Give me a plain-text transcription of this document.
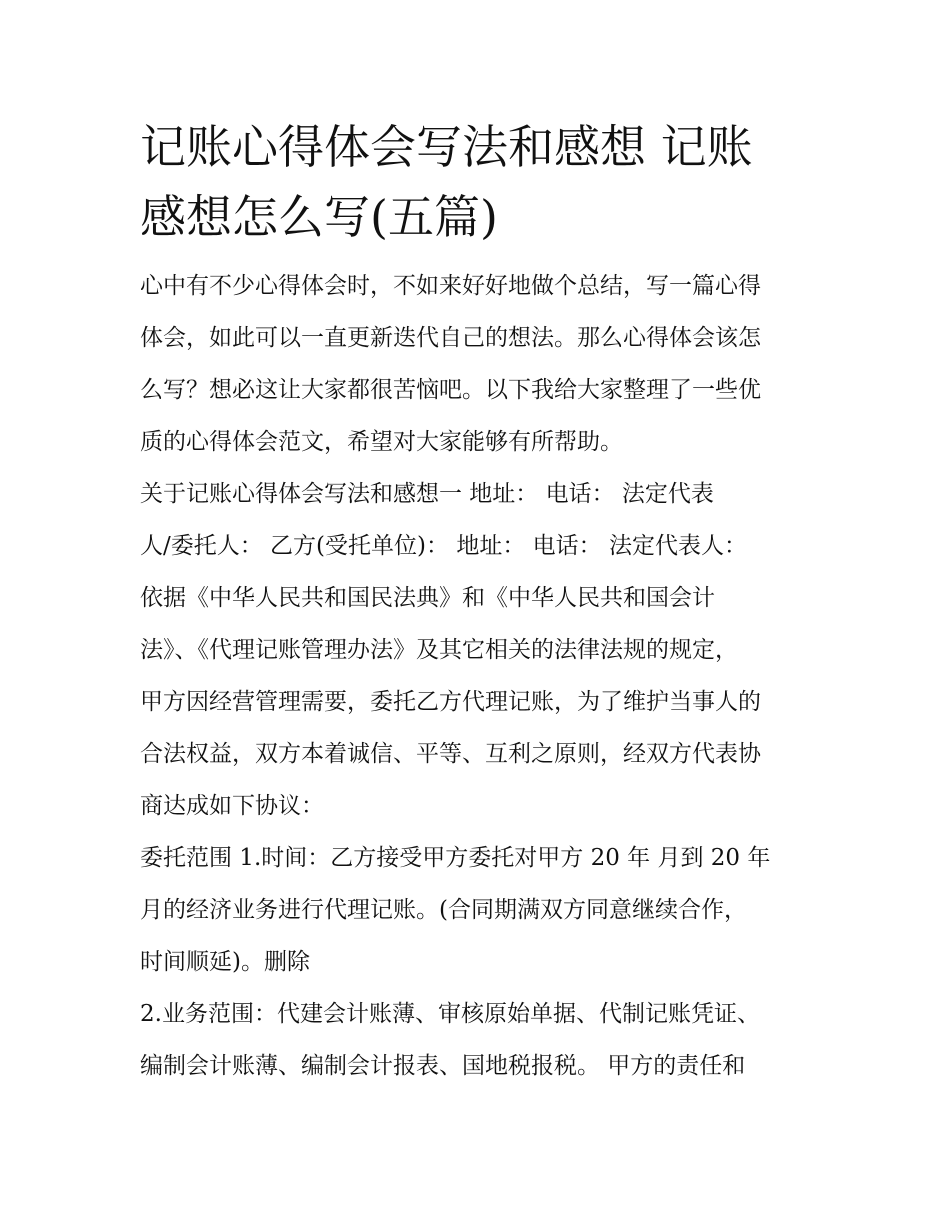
记账心得体会写法和感想 记账
感想怎么写(五篇)

心中有不少心得体会时，不如来好好地做个总结，写一篇心得
体会，如此可以一直更新迭代自己的想法。那么心得体会该怎
么写？想必这让大家都很苦恼吧。以下我给大家整理了一些优
质的心得体会范文，希望对大家能够有所帮助。

关于记账心得体会写法和感想一 地址： 电话： 法定代表
人/委托人： 乙方(受托单位)： 地址： 电话： 法定代表人：
依据《中华人民共和国民法典》和《中华人民共和国会计
法》、《代理记账管理办法》及其它相关的法律法规的规定，
甲方因经营管理需要，委托乙方代理记账，为了维护当事人的
合法权益，双方本着诚信、平等、互利之原则，经双方代表协
商达成如下协议：

委托范围 1.时间：乙方接受甲方委托对甲方 20 年 月到 20 年
月的经济业务进行代理记账。(合同期满双方同意继续合作，
时间顺延)。删除

2.业务范围：代建会计账薄、审核原始单据、代制记账凭证、
编制会计账薄、编制会计报表、国地税报税。 甲方的责任和
